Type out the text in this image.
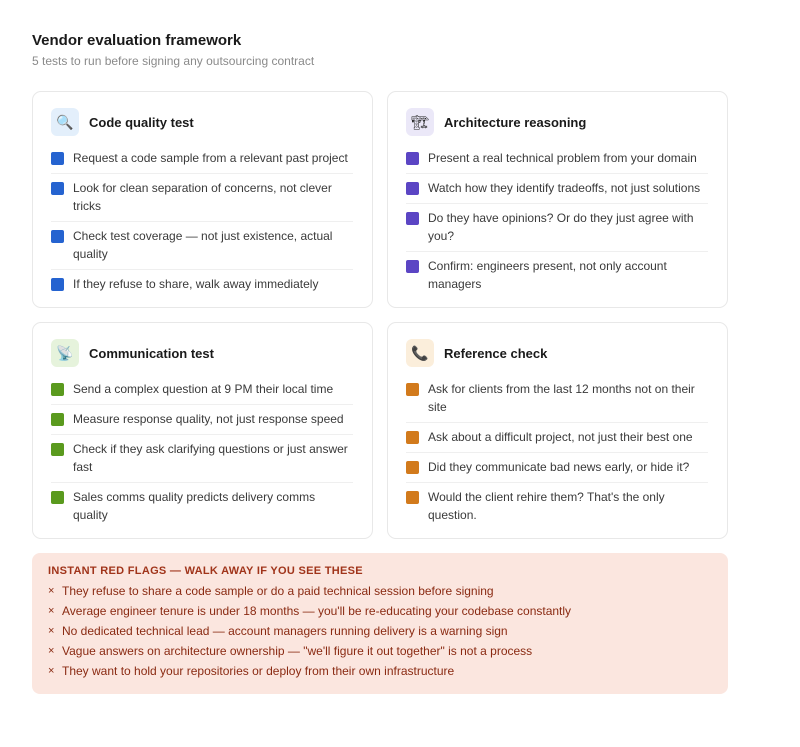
Vendor evaluation framework
5 tests to run before signing any outsourcing contract
🔍	Code quality test
Request a code sample from a relevant past project
Look for clean separation of concerns, not clever tricks
Check test coverage — not just existence, actual quality
If they refuse to share, walk away immediately
🏗	Architecture reasoning
Present a real technical problem from your domain
Watch how they identify tradeoffs, not just solutions
Do they have opinions? Or do they just agree with you?
Confirm: engineers present, not only account managers
📡	Communication test
Send a complex question at 9 PM their local time
Measure response quality, not just response speed
Check if they ask clarifying questions or just answer fast
Sales comms quality predicts delivery comms quality
📞	Reference check
Ask for clients from the last 12 months not on their site
Ask about a difficult project, not just their best one
Did they communicate bad news early, or hide it?
Would the client rehire them? That's the only question.
INSTANT RED FLAGS — WALK AWAY IF YOU SEE THESE
× They refuse to share a code sample or do a paid technical session before signing
× Average engineer tenure is under 18 months — you'll be re-educating your codebase constantly
× No dedicated technical lead — account managers running delivery is a warning sign
× Vague answers on architecture ownership — "we'll figure it out together" is not a process
× They want to hold your repositories or deploy from their own infrastructure
